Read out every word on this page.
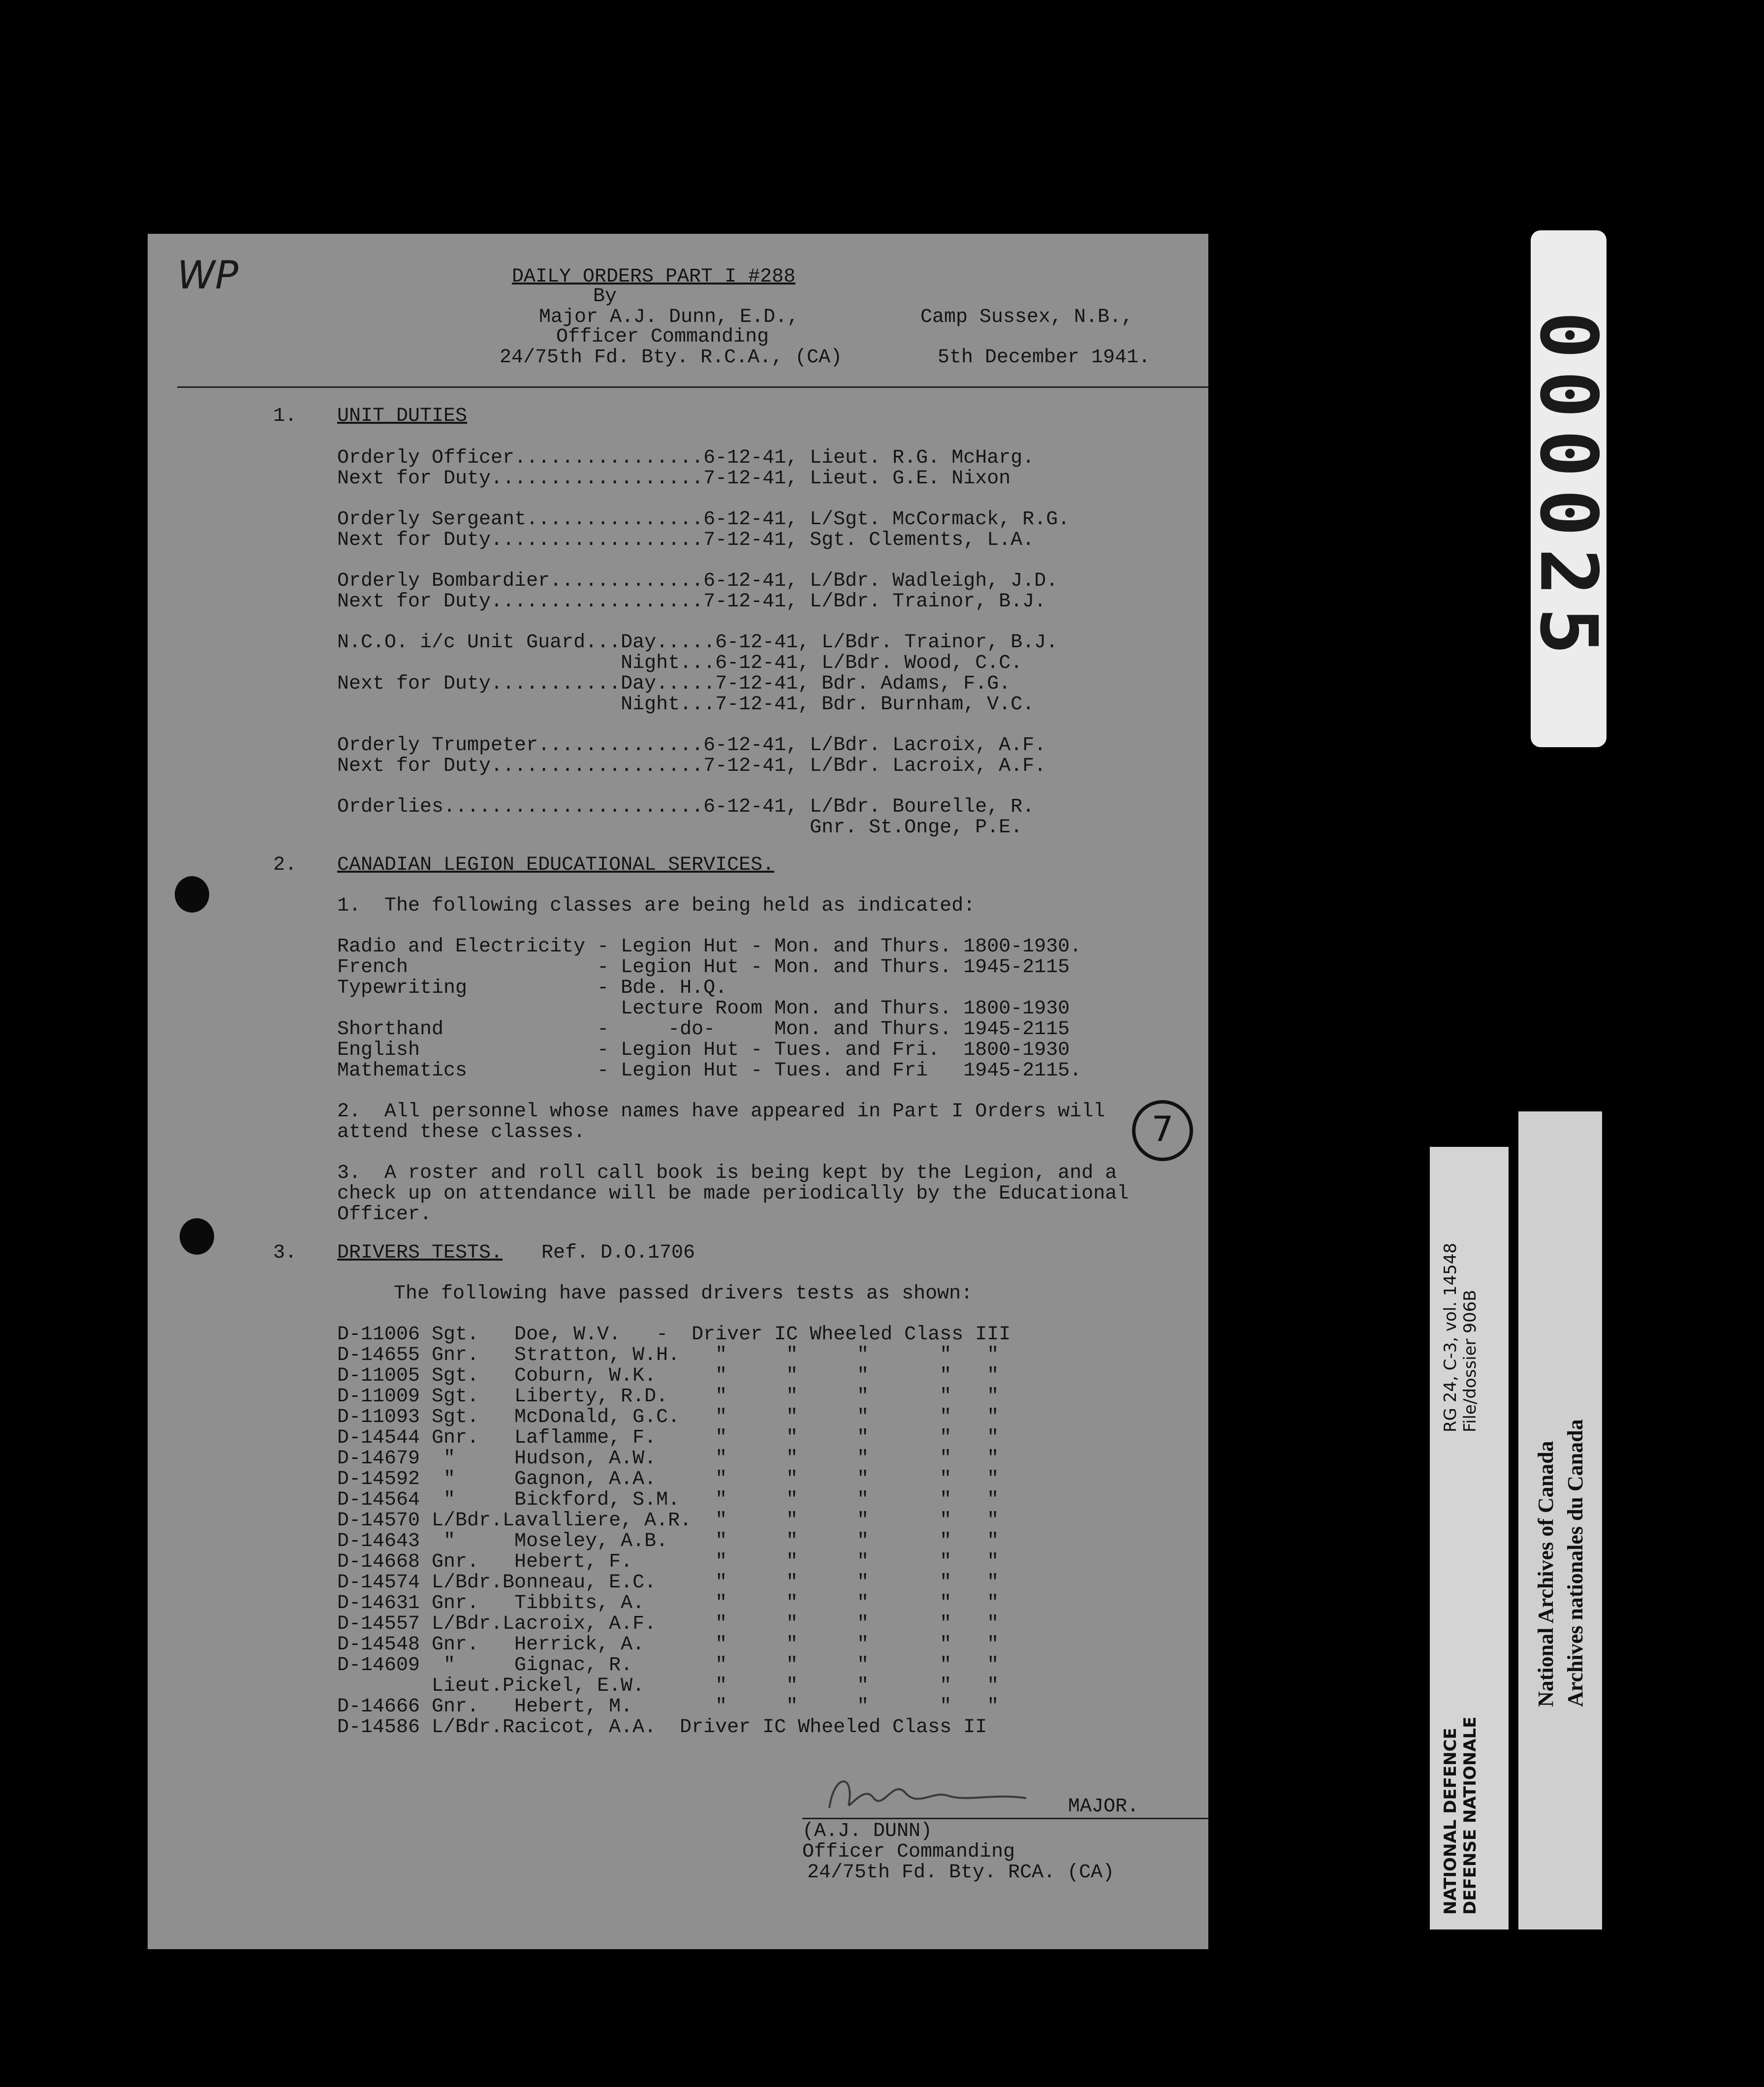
WP	DAILY ORDERS PART I #288
By
Major A.J. Dunn, E.D.,
Officer Commanding
24/75th Fd. Bty. R.C.A., (CA)
Camp Sussex, N.B.,
5th December 1941.
1. UNIT DUTIES
Orderly Officer................6-12-41, Lieut. R.G. McHarg.
Next for Duty..................7-12-41, Lieut. G.E. Nixon
Orderly Sergeant...............6-12-41, L/Sgt. McCormack, R.G.
Next for Duty..................7-12-41, Sgt. Clements, L.A.
Orderly Bombardier.............6-12-41, L/Bdr. Wadleigh, J.D.
Next for Duty..................7-12-41, L/Bdr. Trainor, B.J.
N.C.O. i/c Unit Guard...Day.....6-12-41, L/Bdr. Trainor, B.J.
Night...6-12-41, L/Bdr. Wood, C.C.
Next for Duty...........Day.....7-12-41, Bdr. Adams, F.G.
Night...7-12-41, Bdr. Burnham, V.C.
Orderly Trumpeter..............6-12-41, L/Bdr. Lacroix, A.F.
Next for Duty..................7-12-41, L/Bdr. Lacroix, A.F.
Orderlies......................6-12-41, L/Bdr. Bourelle, R.
Gnr. St.Onge, P.E.
2. CANADIAN LEGION EDUCATIONAL SERVICES.
1.  The following classes are being held as indicated:
Radio and Electricity - Legion Hut - Mon. and Thurs. 1800-1930.
French                - Legion Hut - Mon. and Thurs. 1945-2115
Typewriting           - Bde. H.Q.
Lecture Room Mon. and Thurs. 1800-1930
Shorthand             -     -do-     Mon. and Thurs. 1945-2115
English               - Legion Hut - Tues. and Fri.  1800-1930
Mathematics           - Legion Hut - Tues. and Fri   1945-2115.
2.  All personnel whose names have appeared in Part I Orders will
attend these classes.
3.  A roster and roll call book is being kept by the Legion, and a
check up on attendance will be made periodically by the Educational
Officer.
3. DRIVERS TESTS. Ref. D.O.1706
The following have passed drivers tests as shown:
D-11006 Sgt.   Doe, W.V.   -  Driver IC Wheeled Class III
D-14655 Gnr.   Stratton, W.H.   "     "     "      "   "
D-11005 Sgt.   Coburn, W.K.     "     "     "      "   "
D-11009 Sgt.   Liberty, R.D.    "     "     "      "   "
D-11093 Sgt.   McDonald, G.C.   "     "     "      "   "
D-14544 Gnr.   Laflamme, F.     "     "     "      "   "
D-14679  "     Hudson, A.W.     "     "     "      "   "
D-14592  "     Gagnon, A.A.     "     "     "      "   "
D-14564  "     Bickford, S.M.   "     "     "      "   "
D-14570 L/Bdr.Lavalliere, A.R.  "     "     "      "   "
D-14643  "     Moseley, A.B.    "     "     "      "   "
D-14668 Gnr.   Hebert, F.       "     "     "      "   "
D-14574 L/Bdr.Bonneau, E.C.     "     "     "      "   "
D-14631 Gnr.   Tibbits, A.      "     "     "      "   "
D-14557 L/Bdr.Lacroix, A.F.     "     "     "      "   "
D-14548 Gnr.   Herrick, A.      "     "     "      "   "
D-14609  "     Gignac, R.       "     "     "      "   "
Lieut.Pickel, E.W.      "     "     "      "   "
D-14666 Gnr.   Hebert, M.       "     "     "      "   "
D-14586 L/Bdr.Racicot, A.A.  Driver IC Wheeled Class II
MAJOR.
(A.J. DUNN)
Officer Commanding
24/75th Fd. Bty. RCA. (CA)
7
000025
NATIONAL DEFENCE DEFENSE NATIONALE
RG 24, C-3, vol. 14548 File/dossier 906B
National Archives of Canada Archives nationales du Canada
